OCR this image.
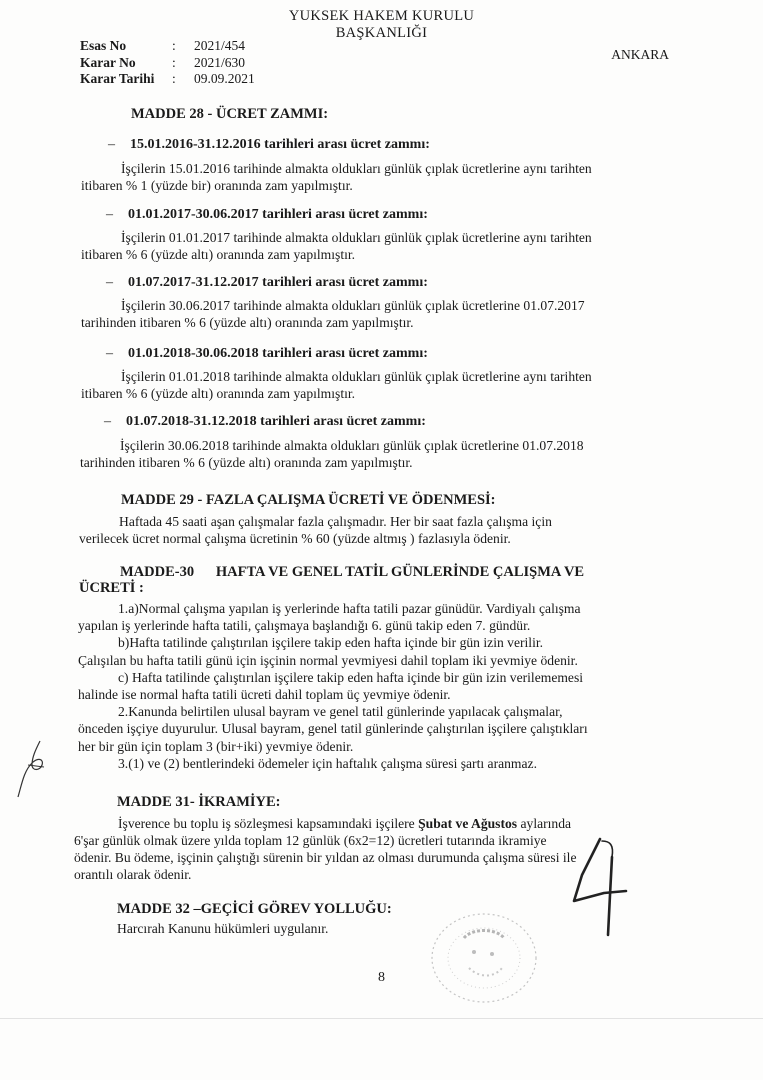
YUKSEK HAKEM KURULU
BAŞKANLIĞI
ANKARA
Esas No	: 2021/454
Karar No	: 2021/630
Karar Tarihi : 09.09.2021
MADDE 28 - ÜCRET ZAMMI:
– 15.01.2016-31.12.2016 tarihleri arası ücret zammı:
İşçilerin 15.01.2016 tarihinde almakta oldukları günlük çıplak ücretlerine aynı tarihten
itibaren % 1 (yüzde bir) oranında zam yapılmıştır.
– 01.01.2017-30.06.2017 tarihleri arası ücret zammı:
İşçilerin 01.01.2017 tarihinde almakta oldukları günlük çıplak ücretlerine aynı tarihten
itibaren % 6 (yüzde altı) oranında zam yapılmıştır.
– 01.07.2017-31.12.2017 tarihleri arası ücret zammı:
İşçilerin 30.06.2017 tarihinde almakta oldukları günlük çıplak ücretlerine 01.07.2017
tarihinden itibaren % 6 (yüzde altı) oranında zam yapılmıştır.
– 01.01.2018-30.06.2018 tarihleri arası ücret zammı:
İşçilerin 01.01.2018 tarihinde almakta oldukları günlük çıplak ücretlerine aynı tarihten
itibaren % 6 (yüzde altı) oranında zam yapılmıştır.
– 01.07.2018-31.12.2018 tarihleri arası ücret zammı:
İşçilerin 30.06.2018 tarihinde almakta oldukları günlük çıplak ücretlerine 01.07.2018
tarihinden itibaren % 6 (yüzde altı) oranında zam yapılmıştır.
MADDE 29 - FAZLA ÇALIŞMA ÜCRETİ VE ÖDENMESİ:
Haftada 45 saati aşan çalışmalar fazla çalışmadır. Her bir saat fazla çalışma için
verilecek ücret normal çalışma ücretinin % 60 (yüzde altmış ) fazlasıyla ödenir.
MADDE-30      HAFTA VE GENEL TATİL GÜNLERİNDE ÇALIŞMA VE
ÜCRETİ :
1.a)Normal çalışma yapılan iş yerlerinde hafta tatili pazar günüdür. Vardiyalı çalışma
yapılan iş yerlerinde hafta tatili, çalışmaya başlandığı 6. günü takip eden 7. gündür.
b)Hafta tatilinde çalıştırılan işçilere takip eden hafta içinde bir gün izin verilir.
Çalışılan bu hafta tatili günü için işçinin normal yevmiyesi dahil toplam iki yevmiye ödenir.
c) Hafta tatilinde çalıştırılan işçilere takip eden hafta içinde bir gün izin verilememesi
halinde ise normal hafta tatili ücreti dahil toplam üç yevmiye ödenir.
2.Kanunda belirtilen ulusal bayram ve genel tatil günlerinde yapılacak çalışmalar,
önceden işçiye duyurulur. Ulusal bayram, genel tatil günlerinde çalıştırılan işçilere çalıştıkları
her bir gün için toplam 3 (bir+iki) yevmiye ödenir.
3.(1) ve (2) bentlerindeki ödemeler için haftalık çalışma süresi şartı aranmaz.
MADDE 31- İKRAMİYE:
İşverence bu toplu iş sözleşmesi kapsamındaki işçilere Şubat ve Ağustos aylarında
6'şar günlük olmak üzere yılda toplam 12 günlük (6x2=12) ücretleri tutarında ikramiye
ödenir. Bu ödeme, işçinin çalıştığı sürenin bir yıldan az olması durumunda çalışma süresi ile
orantılı olarak ödenir.
MADDE 32 –GEÇİCİ GÖREV YOLLUĞU:
Harcırah Kanunu hükümleri uygulanır.
8
